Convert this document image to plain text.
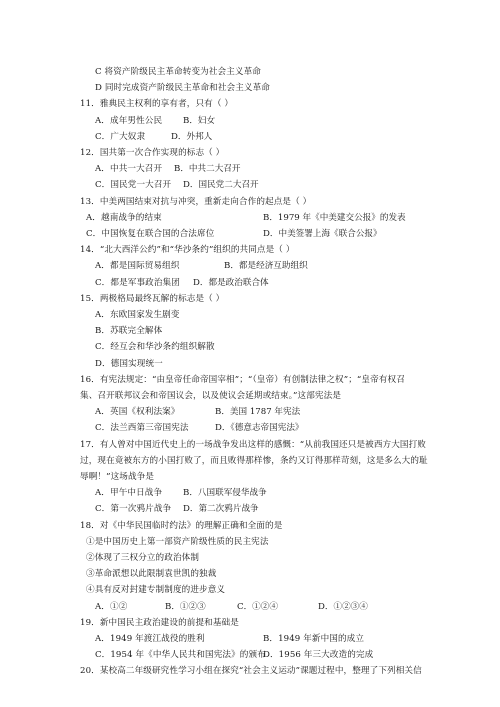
C 将资产阶级民主革命转变为社会主义革命
D 同时完成资产阶级民主革命和社会主义革命
11．雅典民主权利的享有者，只有（ ）
A．成年男性公民 B．妇女
C．广大奴隶	D．外邦人
12．国共第一次合作实现的标志（ ）
A．中共一大召开 B．中共二大召开
C．国民党一大召开 D．国民党二大召开
13．中美两国结束对抗与冲突，重新走向合作的起点是（ ）
A．越南战争的结束	B．1979 年《中美建交公报》的发表
C．中国恢复在联合国的合法席位	D．中美签署上海《联合公报》
14．“北大西洋公约”和“华沙条约”组织的共同点是（ ）
A．都是国际贸易组织	B．都是经济互助组织
C．都是军事政治集团 D．都是政治联合体
15．两极格局最终瓦解的标志是（ ）
A．东欧国家发生剧变
B．苏联完全解体
C．经互会和华沙条约组织解散
D．德国实现统一
16．有宪法规定：“由皇帝任命帝国宰相”；“（皇帝）有创制法律之权”；“皇帝有权召
集、召开联邦议会和帝国议会，以及使议会延期或结束。”这部宪法是
A．英国《权利法案》	B．美国 1787 年宪法
C．法兰西第三帝国宪法	D．《德意志帝国宪法》
17．有人曾对中国近代史上的一场战争发出这样的感慨：“从前我国还只是被西方大国打败
过，现在竟被东方的小国打败了，而且败得那样惨，条约又订得那样苛刻，这是多么大的耻
辱啊！”这场战争是
A．甲午中日战争 B．八国联军侵华战争
C．第一次鸦片战争 D．第二次鸦片战争
18．对《中华民国临时约法》的理解正确和全面的是
①是中国历史上第一部资产阶级性质的民主宪法
②体现了三权分立的政治体制
③革命派想以此限制袁世凯的独裁
④具有反对封建专制制度的进步意义
A．①②	B．①②③	C．①②④	D．①②③④
19．新中国民主政治建设的前提和基础是
A．1949 年渡江战役的胜利	B．1949 年新中国的成立
C．1954 年《中华人民共和国宪法》的颁布
D．1956 年三大改造的完成
20．某校高二年级研究性学习小组在探究“社会主义运动”课题过程中，整理了下列相关信
